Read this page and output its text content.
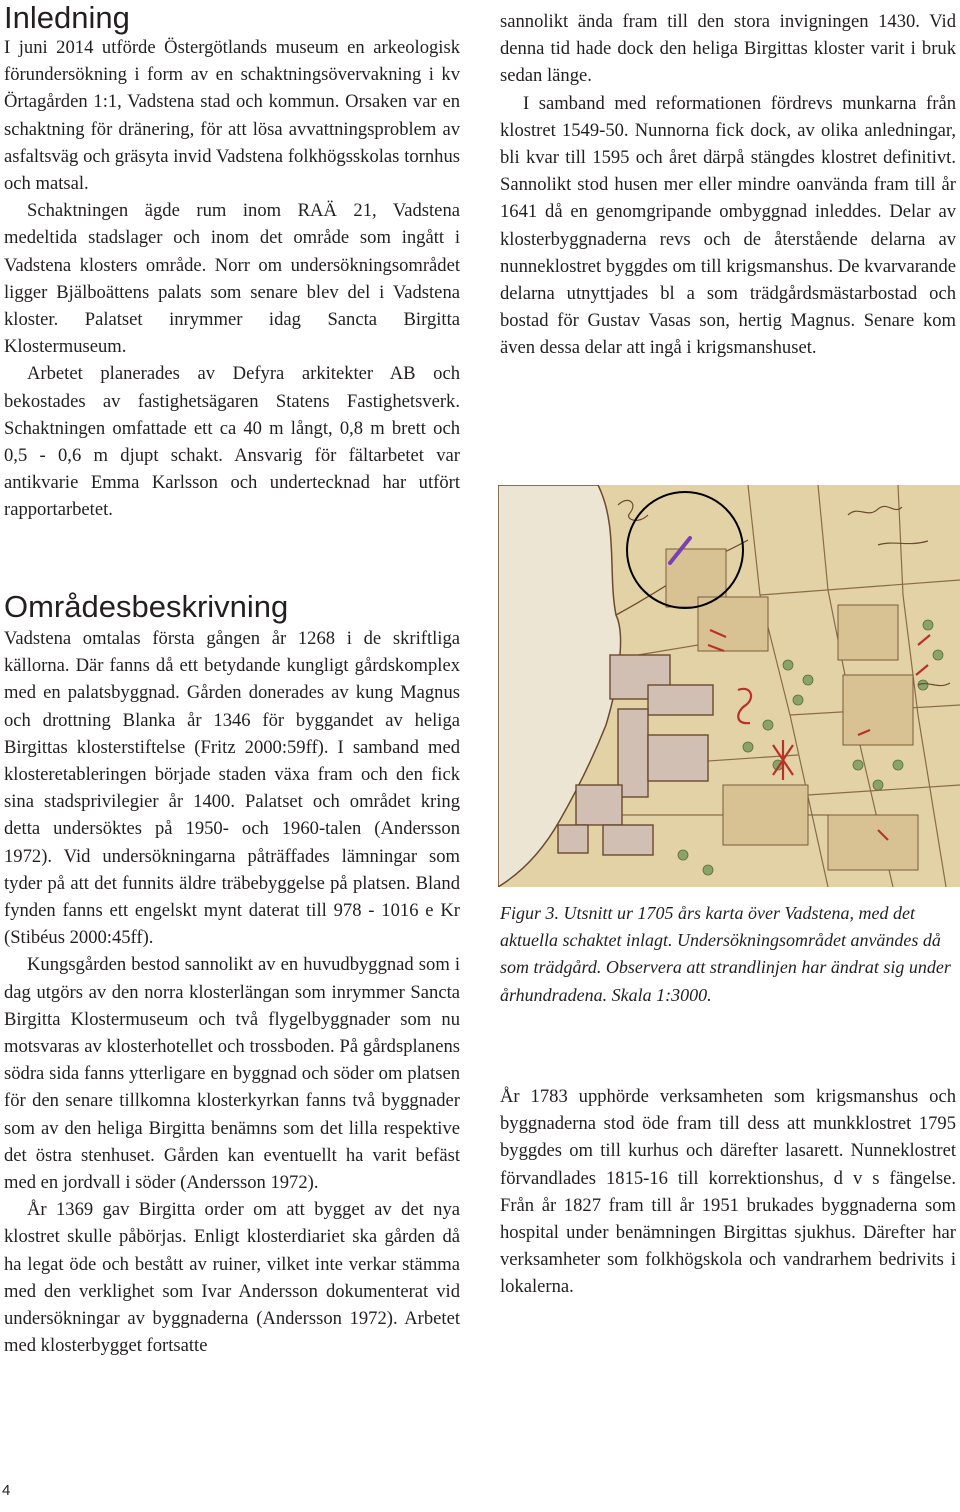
Inledning

I juni 2014 utförde Östergötlands museum en arkeologisk förundersökning i form av en schaktningsövervakning i kv Örtagården 1:1, Vadstena stad och kommun. Orsaken var en schaktning för dränering, för att lösa avvattningsproblem av asfaltsväg och gräsyta invid Vadstena folkhögsskolas tornhus och matsal.

Schaktningen ägde rum inom RAÄ 21, Vadstena medeltida stadslager och inom det område som ingått i Vadstena klosters område. Norr om undersökningsområdet ligger Bjälboättens palats som senare blev del i Vadstena kloster. Palatset inrymmer idag Sancta Birgitta Klostermuseum.

Arbetet planerades av Defyra arkitekter AB och bekostades av fastighetsägaren Statens Fastighetsverk. Schaktningen omfattade ett ca 40 m långt, 0,8 m brett och 0,5 - 0,6 m djupt schakt. Ansvarig för fältarbetet var antikvarie Emma Karlsson och undertecknad har utfört rapportarbetet.

Områdesbeskrivning

Vadstena omtalas första gången år 1268 i de skriftliga källorna. Där fanns då ett betydande kungligt gårdskomplex med en palatsbyggnad. Gården donerades av kung Magnus och drottning Blanka år 1346 för byggandet av heliga Birgittas klosterstiftelse (Fritz 2000:59ff). I samband med klosteretableringen började staden växa fram och den fick sina stadsprivilegier år 1400. Palatset och området kring detta undersöktes på 1950- och 1960-talen (Andersson 1972). Vid undersökningarna påträffades lämningar som tyder på att det funnits äldre träbebyggelse på platsen. Bland fynden fanns ett engelskt mynt daterat till 978 - 1016 e Kr (Stibéus 2000:45ff).

Kungsgården bestod sannolikt av en huvudbyggnad som i dag utgörs av den norra klosterlängan som inrymmer Sancta Birgitta Klostermuseum och två flygelbyggnader som nu motsvaras av klosterhotellet och trossboden. På gårdsplanens södra sida fanns ytterligare en byggnad och söder om platsen för den senare tillkomna klosterkyrkan fanns två byggnader som av den heliga Birgitta benämns som det lilla respektive det östra stenhuset. Gården kan eventuellt ha varit befäst med en jordvall i söder (Andersson 1972).

År 1369 gav Birgitta order om att bygget av det nya klostret skulle påbörjas. Enligt klosterdiariet ska gården då ha legat öde och bestått av ruiner, vilket inte verkar stämma med den verklighet som Ivar Andersson dokumenterat vid undersökningar av byggnaderna (Andersson 1972). Arbetet med klosterbygget fortsatte

sannolikt ända fram till den stora invigningen 1430. Vid denna tid hade dock den heliga Birgittas kloster varit i bruk sedan länge.

I samband med reformationen fördrevs munkarna från klostret 1549-50. Nunnorna fick dock, av olika anledningar, bli kvar till 1595 och året därpå stängdes klostret definitivt. Sannolikt stod husen mer eller mindre oanvända fram till år 1641 då en genomgripande ombyggnad inleddes. Delar av klosterbyggnaderna revs och de återstående delarna av nunneklostret byggdes om till krigsmanshus. De kvarvarande delarna utnyttjades bl a som trädgårdsmästarbostad och bostad för Gustav Vasas son, hertig Magnus. Senare kom även dessa delar att ingå i krigsmanshuset.

Figur 3. Utsnitt ur 1705 års karta över Vadstena, med det aktuella schaktet inlagt. Undersökningsområdet användes då som trädgård. Observera att strandlinjen har ändrat sig under århundradena. Skala 1:3000.

År 1783 upphörde verksamheten som krigsmanshus och byggnaderna stod öde fram till dess att munkklostret 1795 byggdes om till kurhus och därefter lasarett. Nunneklostret förvandlades 1815-16 till korrektionshus, d v s fängelse. Från år 1827 fram till år 1951 brukades byggnaderna som hospital under benämningen Birgittas sjukhus. Därefter har verksamheter som folkhögskola och vandrarhem bedrivits i lokalerna.

4
